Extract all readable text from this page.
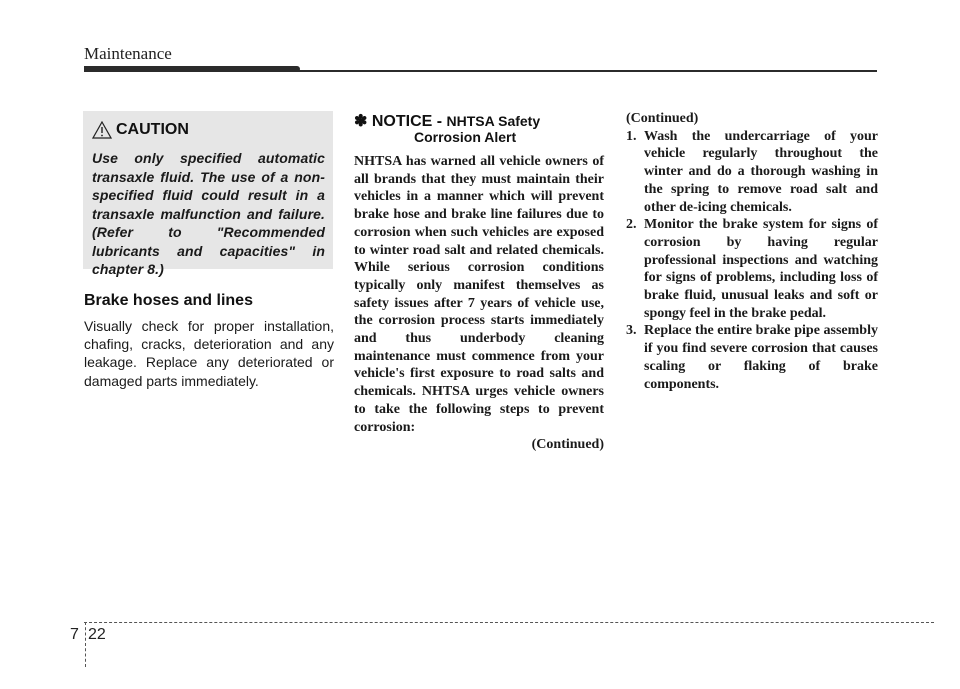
Maintenance
CAUTION
Use only specified automatic transaxle fluid. The use of a non-specified fluid could result in a transaxle malfunction and failure. (Refer to "Recommended lubricants and capacities" in chapter 8.)
Brake hoses and lines
Visually check for proper installation, chafing, cracks, deterioration and any leakage. Replace any deteriorated or damaged parts immediately.
✽ NOTICE - NHTSA Safety
Corrosion Alert
NHTSA has warned all vehicle owners of all brands that they must maintain their vehicles in a manner which will prevent brake hose and brake line failures due to corrosion when such vehicles are exposed to winter road salt and related chemicals. While serious corrosion conditions typically only manifest themselves as safety issues after 7 years of vehicle use, the corrosion process starts immediately and thus underbody cleaning maintenance must commence from your vehicle's first exposure to road salts and chemicals. NHTSA urges vehicle owners to take the following steps to prevent corrosion:
(Continued)
(Continued)
1. Wash the undercarriage of your vehicle regularly throughout the winter and do a thorough washing in the spring to remove road salt and other de-icing chemicals.
2. Monitor the brake system for signs of corrosion by having regular professional inspections and watching for signs of problems, including loss of brake fluid, unusual leaks and soft or spongy feel in the brake pedal.
3. Replace the entire brake pipe assembly if you find severe corrosion that causes scaling or flaking of brake components.
7 22
